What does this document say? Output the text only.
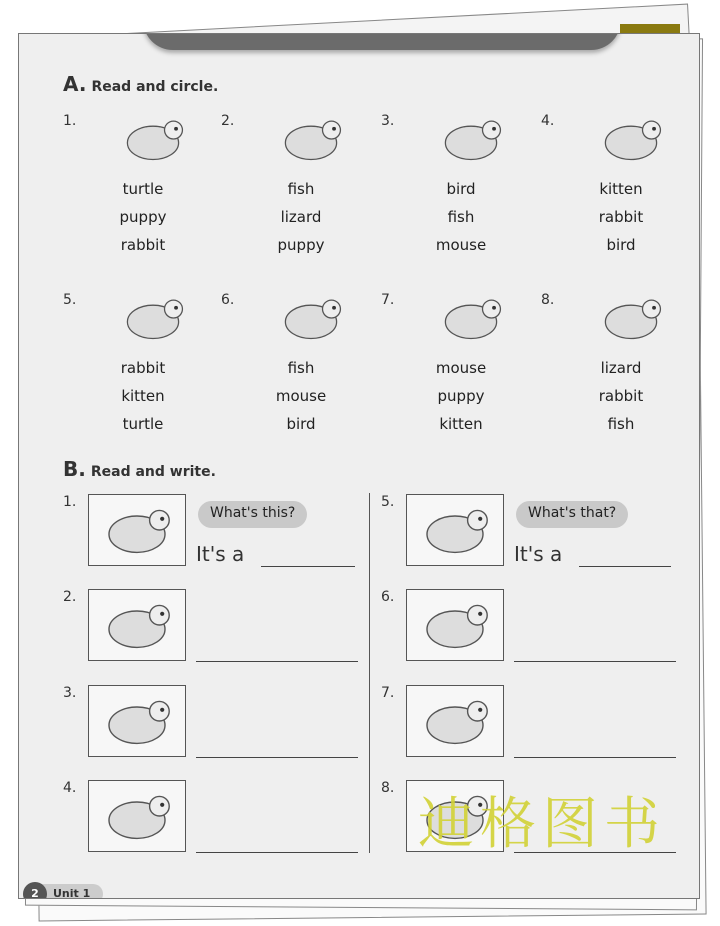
A. Read and circle.
1.
turtle
puppy
rabbit
2.
fish
lizard
puppy
3.
bird
fish
mouse
4.
kitten
rabbit
bird
5.
rabbit
kitten
turtle
6.
fish
mouse
bird
7.
mouse
puppy
kitten
8.
lizard
rabbit
fish
B. Read and write.
1.
What's this?
It's a
2.
3.
4.
5.
What's that?
It's a
6.
7.
8.
2	Unit 1
迪格图书
